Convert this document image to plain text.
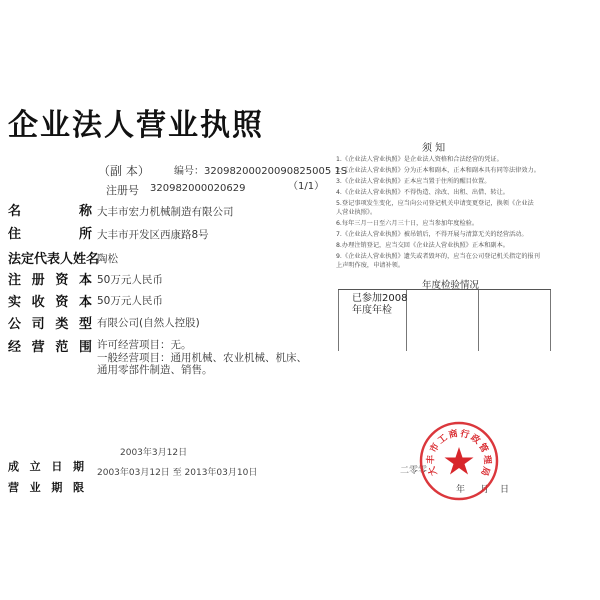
企业法人营业执照
（副 本） 编号：32098200020090825005 1S
（1/1）
注册号 320982000020629
名 称 大丰市宏力机械制造有限公司
住 所 大丰市开发区西康路8号
法定代表人姓名
陶松
注册资本 50万元人民币
实收资本 50万元人民币
公司类型 有限公司(自然人控股)
经营范围 许可经营项目：无。
一般经营项目：通用机械、农业机械、机床、
通用零部件制造、销售。
2003年3月12日
成 立 日 期 2003年03月12日 至 2013年03月10日
营 业 期 限
须 知
1.《企业法人营业执照》是企业法人资格和合法经营的凭证。
2.《企业法人营业执照》分为正本和副本，正本和副本具有同等法律效力。
3.《企业法人营业执照》正本应当置于住所的醒目位置。
4.《企业法人营业执照》不得伪造、涂改、出租、出借、转让。
5.登记事项发生变化，应当向公司登记机关申请变更登记，换领《企业法
人营业执照》。
6.每年三月一日至六月三十日，应当参加年度检验。
7.《企业法人营业执照》被吊销后，不得开展与清算无关的经营活动。
8.办理注销登记，应当交回《企业法人营业执照》正本和副本。
9.《企业法人营业执照》遗失或者毁坏的，应当在公司登记机关指定的报刊
上声明作废，申请补领。
年度检验情况
已参加2008年度年检
二零零
年 月 日
大
丰
市
工
商 行
政
管
理
局
